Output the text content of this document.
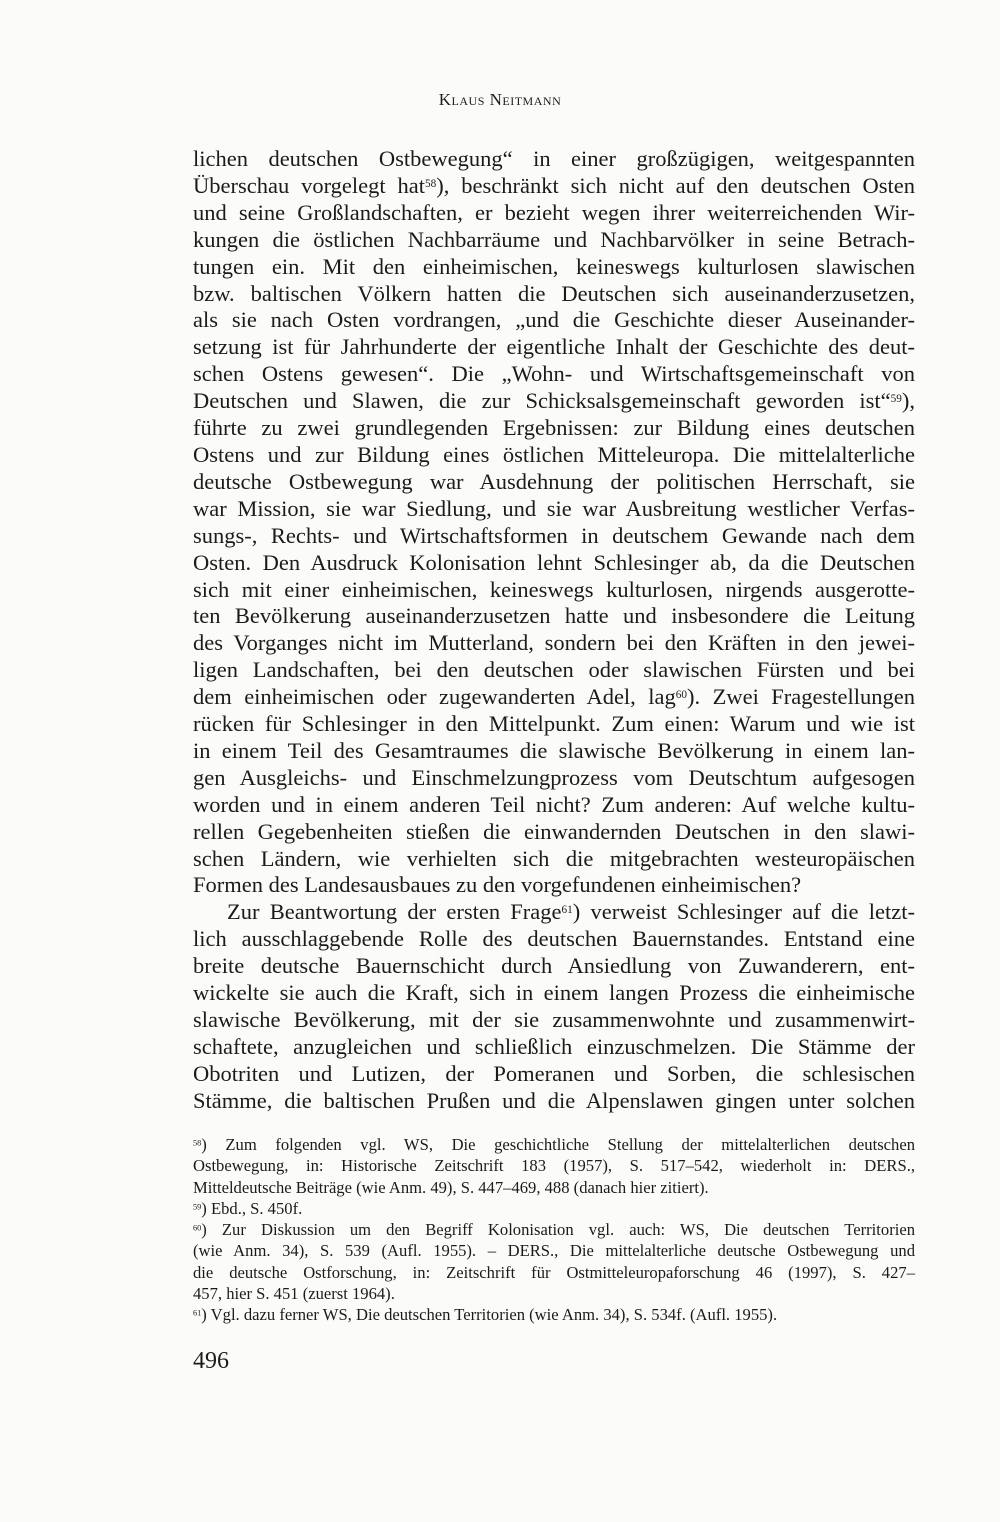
Klaus Neitmann
lichen deutschen Ostbewegung“ in einer großzügigen, weitgespannten
Überschau vorgelegt hat$^{58}$), beschränkt sich nicht auf den deutschen Osten
und seine Großlandschaften, er bezieht wegen ihrer weiterreichenden Wir-
kungen die östlichen Nachbarräume und Nachbarvölker in seine Betrach-
tungen ein. Mit den einheimischen, keineswegs kulturlosen slawischen
bzw. baltischen Völkern hatten die Deutschen sich auseinanderzusetzen,
als sie nach Osten vordrangen, „und die Geschichte dieser Auseinander-
setzung ist für Jahrhunderte der eigentliche Inhalt der Geschichte des deut-
schen Ostens gewesen“. Die „Wohn- und Wirtschaftsgemeinschaft von
Deutschen und Slawen, die zur Schicksalsgemeinschaft geworden ist“$^{59}$),
führte zu zwei grundlegenden Ergebnissen: zur Bildung eines deutschen
Ostens und zur Bildung eines östlichen Mitteleuropa. Die mittelalterliche
deutsche Ostbewegung war Ausdehnung der politischen Herrschaft, sie
war Mission, sie war Siedlung, und sie war Ausbreitung westlicher Verfas-
sungs-, Rechts- und Wirtschaftsformen in deutschem Gewande nach dem
Osten. Den Ausdruck Kolonisation lehnt Schlesinger ab, da die Deutschen
sich mit einer einheimischen, keineswegs kulturlosen, nirgends ausgerotte-
ten Bevölkerung auseinanderzusetzen hatte und insbesondere die Leitung
des Vorganges nicht im Mutterland, sondern bei den Kräften in den jewei-
ligen Landschaften, bei den deutschen oder slawischen Fürsten und bei
dem einheimischen oder zugewanderten Adel, lag$^{60}$). Zwei Fragestellungen
rücken für Schlesinger in den Mittelpunkt. Zum einen: Warum und wie ist
in einem Teil des Gesamtraumes die slawische Bevölkerung in einem lan-
gen Ausgleichs- und Einschmelzungprozess vom Deutschtum aufgesogen
worden und in einem anderen Teil nicht? Zum anderen: Auf welche kultu-
rellen Gegebenheiten stießen die einwandernden Deutschen in den slawi-
schen Ländern, wie verhielten sich die mitgebrachten westeuropäischen
Formen des Landesausbaues zu den vorgefundenen einheimischen?
Zur Beantwortung der ersten Frage$^{61}$) verweist Schlesinger auf die letzt-
lich ausschlaggebende Rolle des deutschen Bauernstandes. Entstand eine
breite deutsche Bauernschicht durch Ansiedlung von Zuwanderern, ent-
wickelte sie auch die Kraft, sich in einem langen Prozess die einheimische
slawische Bevölkerung, mit der sie zusammenwohnte und zusammenwirt-
schaftete, anzugleichen und schließlich einzuschmelzen. Die Stämme der
Obotriten und Lutizen, der Pomeranen und Sorben, die schlesischen
Stämme, die baltischen Prußen und die Alpenslawen gingen unter solchen
$^{58}$) Zum folgenden vgl. WS, Die geschichtliche Stellung der mittelalterlichen deutschen
Ostbewegung, in: Historische Zeitschrift 183 (1957), S. 517–542, wiederholt in: DERS.,
Mitteldeutsche Beiträge (wie Anm. 49), S. 447–469, 488 (danach hier zitiert).
$^{59}$) Ebd., S. 450f.
$^{60}$) Zur Diskussion um den Begriff Kolonisation vgl. auch: WS, Die deutschen Territorien
(wie Anm. 34), S. 539 (Aufl. 1955). – DERS., Die mittelalterliche deutsche Ostbewegung und
die deutsche Ostforschung, in: Zeitschrift für Ostmitteleuropaforschung 46 (1997), S. 427–
457, hier S. 451 (zuerst 1964).
$^{61}$) Vgl. dazu ferner WS, Die deutschen Territorien (wie Anm. 34), S. 534f. (Aufl. 1955).
496
